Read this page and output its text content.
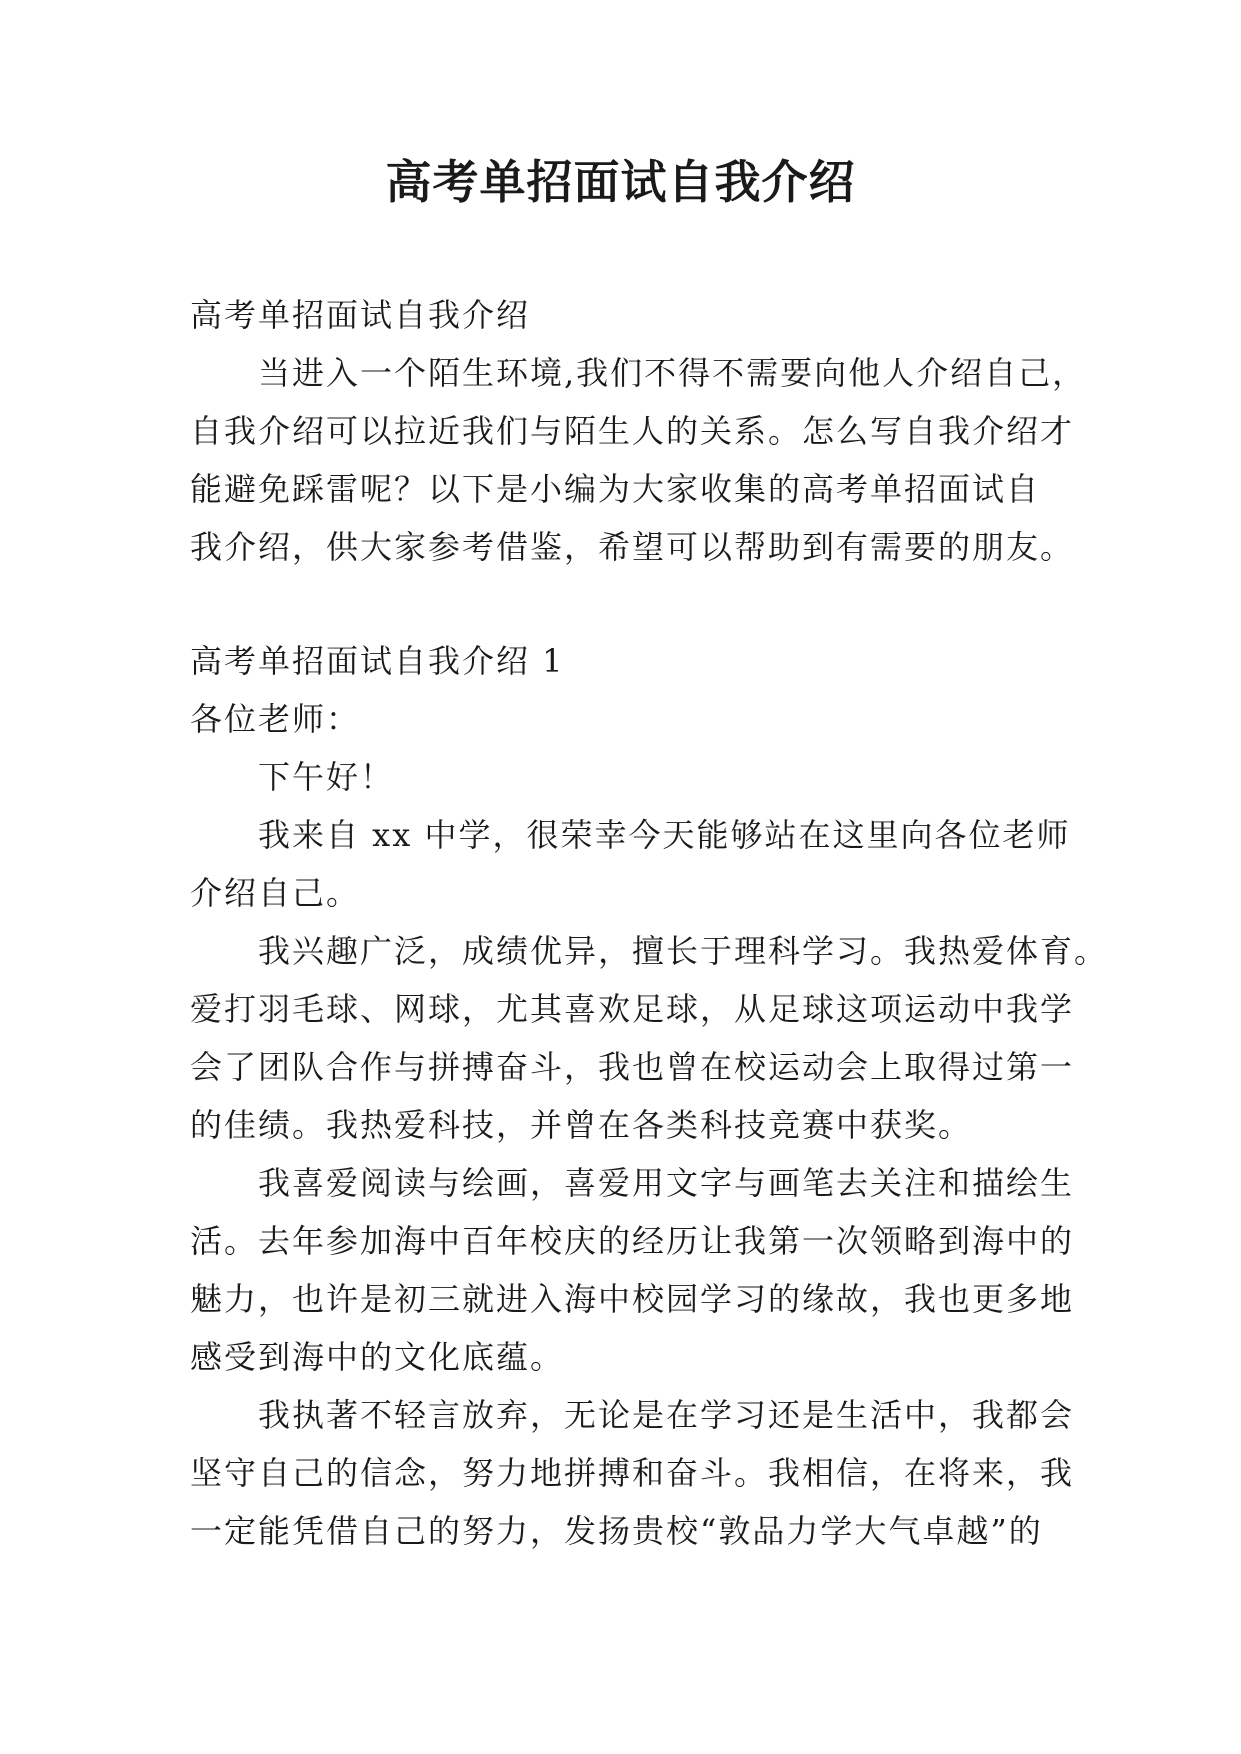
高考单招面试自我介绍
高考单招面试自我介绍
当进入一个陌生环境,我们不得不需要向他人介绍自己，
自我介绍可以拉近我们与陌生人的关系。怎么写自我介绍才
能避免踩雷呢？以下是小编为大家收集的高考单招面试自
我介绍，供大家参考借鉴，希望可以帮助到有需要的朋友。
高考单招面试自我介绍 1
各位老师：
下午好！
我来自 xx 中学，很荣幸今天能够站在这里向各位老师
介绍自己。
我兴趣广泛，成绩优异，擅长于理科学习。我热爱体育。
爱打羽毛球、网球，尤其喜欢足球，从足球这项运动中我学
会了团队合作与拼搏奋斗，我也曾在校运动会上取得过第一
的佳绩。我热爱科技，并曾在各类科技竞赛中获奖。
我喜爱阅读与绘画，喜爱用文字与画笔去关注和描绘生
活。去年参加海中百年校庆的经历让我第一次领略到海中的
魅力，也许是初三就进入海中校园学习的缘故，我也更多地
感受到海中的文化底蕴。
我执著不轻言放弃，无论是在学习还是生活中，我都会
坚守自己的信念，努力地拼搏和奋斗。我相信，在将来，我
一定能凭借自己的努力，发扬贵校“敦品力学大气卓越”的
